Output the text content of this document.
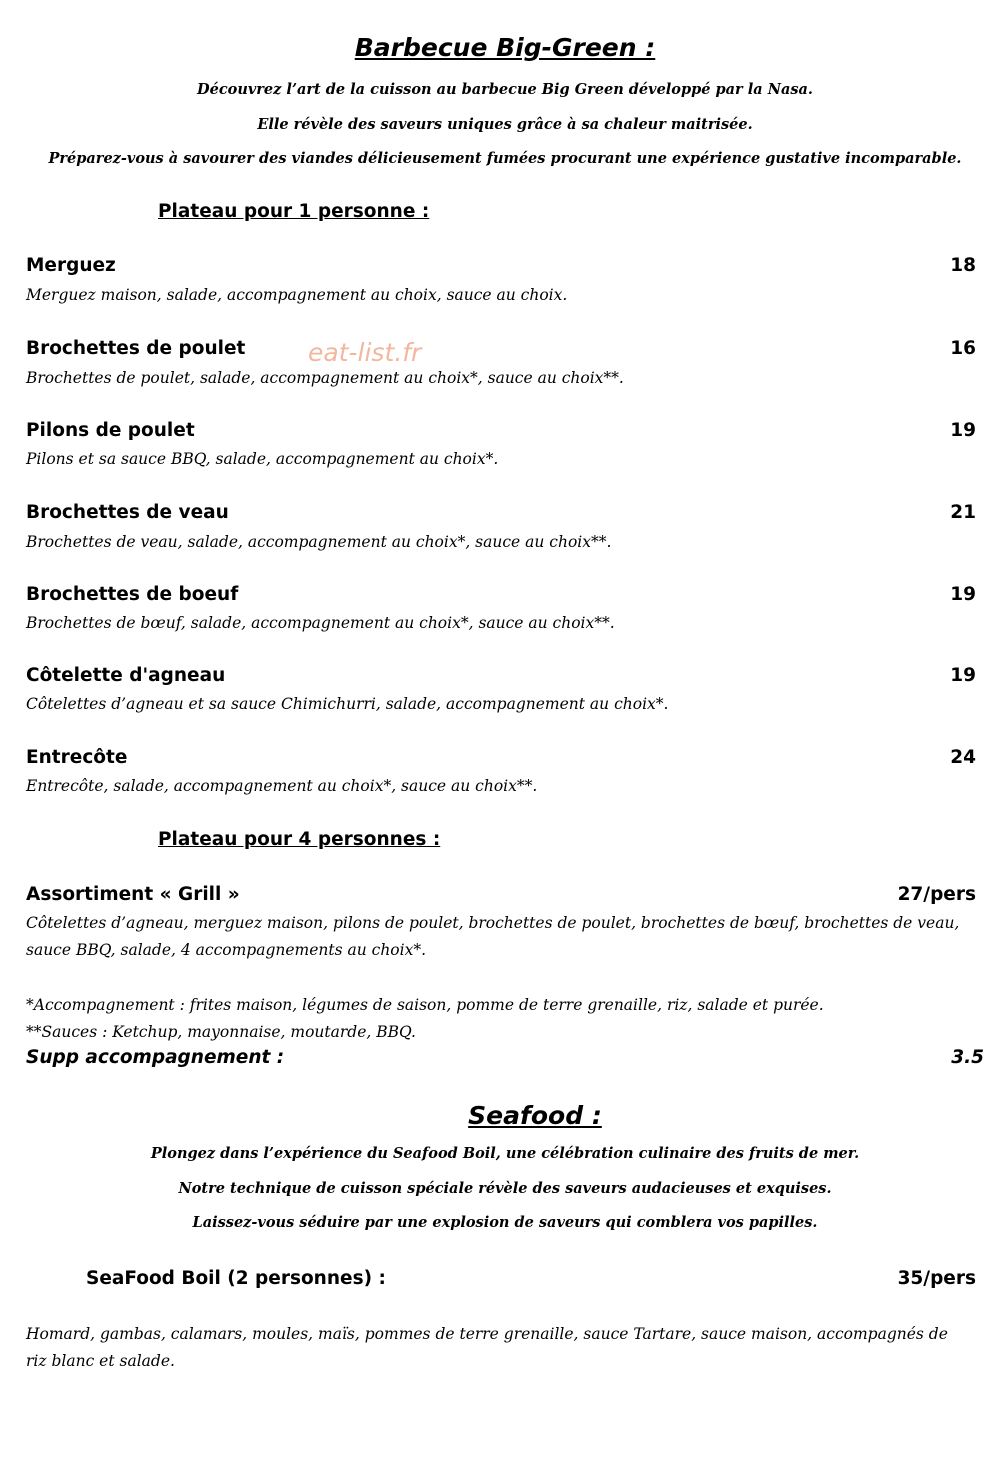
Barbecue Big-Green :
Découvrez l’art de la cuisson au barbecue Big Green développé par la Nasa.
Elle révèle des saveurs uniques grâce à sa chaleur maitrisée.
Préparez-vous à savourer des viandes délicieusement fumées procurant une expérience gustative incomparable.
Plateau pour 1 personne :
Merguez	18
Merguez maison, salade, accompagnement au choix, sauce au choix.
Brochettes de poulet	16
Brochettes de poulet, salade, accompagnement au choix*, sauce au choix**.
Pilons de poulet	19
Pilons et sa sauce BBQ, salade, accompagnement au choix*.
Brochettes de veau	21
Brochettes de veau, salade, accompagnement au choix*, sauce au choix**.
Brochettes de boeuf	19
Brochettes de bœuf, salade, accompagnement au choix*, sauce au choix**.
Côtelette d'agneau	19
Côtelettes d’agneau et sa sauce Chimichurri, salade, accompagnement au choix*.
Entrecôte	24
Entrecôte, salade, accompagnement au choix*, sauce au choix**.
Plateau pour 4 personnes :
Assortiment « Grill »	27/pers
Côtelettes d’agneau, merguez maison, pilons de poulet, brochettes de poulet, brochettes de bœuf, brochettes de veau, sauce BBQ, salade, 4 accompagnements au choix*.
*Accompagnement : frites maison, légumes de saison, pomme de terre grenaille, riz, salade et purée.
**Sauces : Ketchup, mayonnaise, moutarde, BBQ.
Supp accompagnement :	3.5
eat-list.fr
Seafood :
Plongez dans l’expérience du Seafood Boil, une célébration culinaire des fruits de mer.
Notre technique de cuisson spéciale révèle des saveurs audacieuses et exquises.
Laissez-vous séduire par une explosion de saveurs qui comblera vos papilles.
SeaFood Boil (2 personnes) :	35/pers
Homard, gambas, calamars, moules, maïs, pommes de terre grenaille, sauce Tartare, sauce maison, accompagnés de riz blanc et salade.
